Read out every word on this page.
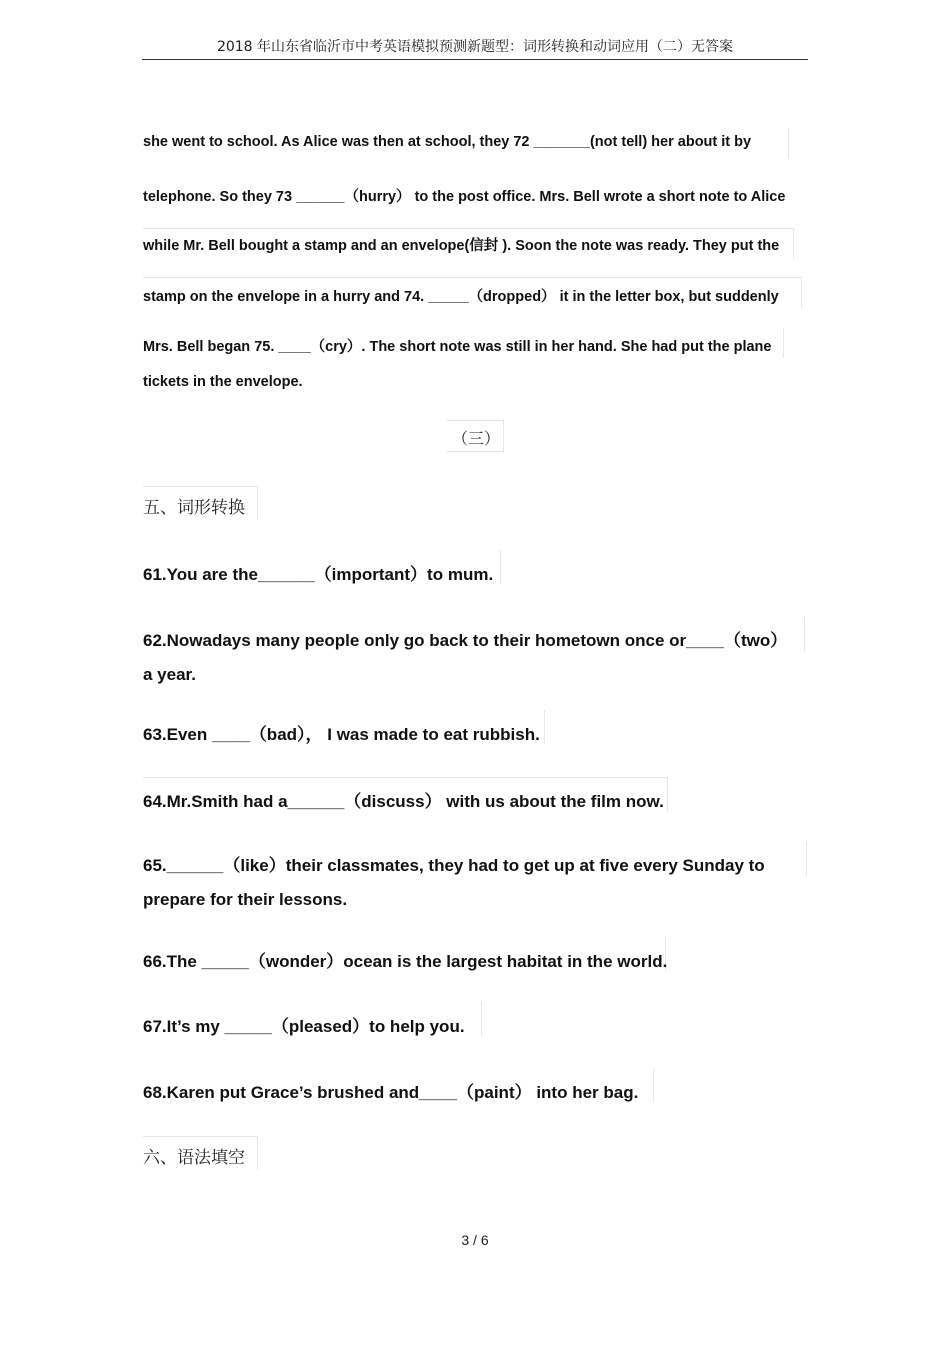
2018 年山东省临沂市中考英语模拟预测新题型：词形转换和动词应用（二）无答案
she went to school. As Alice was then at school, they 72 _______(not tell) her about it by
telephone. So they 73 ______（hurry） to the post office. Mrs. Bell wrote a short note to Alice
while Mr. Bell bought a stamp and an envelope(信封 ). Soon the note was ready. They put the
stamp on the envelope in a hurry and 74. _____（dropped） it in the letter box, but suddenly
Mrs. Bell began 75. ____（cry）. The short note was still in her hand. She had put the plane
tickets in the envelope.
（三）
五、词形转换
61.You are the______（important）to mum.
62.Nowadays many people only go back to their hometown once or____（two）
a year.
63.Even ____（bad）， I was made to eat rubbish.
64.Mr.Smith had a______（discuss） with us about the film now.
65.______（like）their classmates, they had to get up at five every Sunday to
prepare for their lessons.
66.The _____（wonder）ocean is the largest habitat in the world.
67.It’s my _____（pleased）to help you.
68.Karen put Grace’s brushed and____（paint） into her bag.
六、语法填空
3 / 6
